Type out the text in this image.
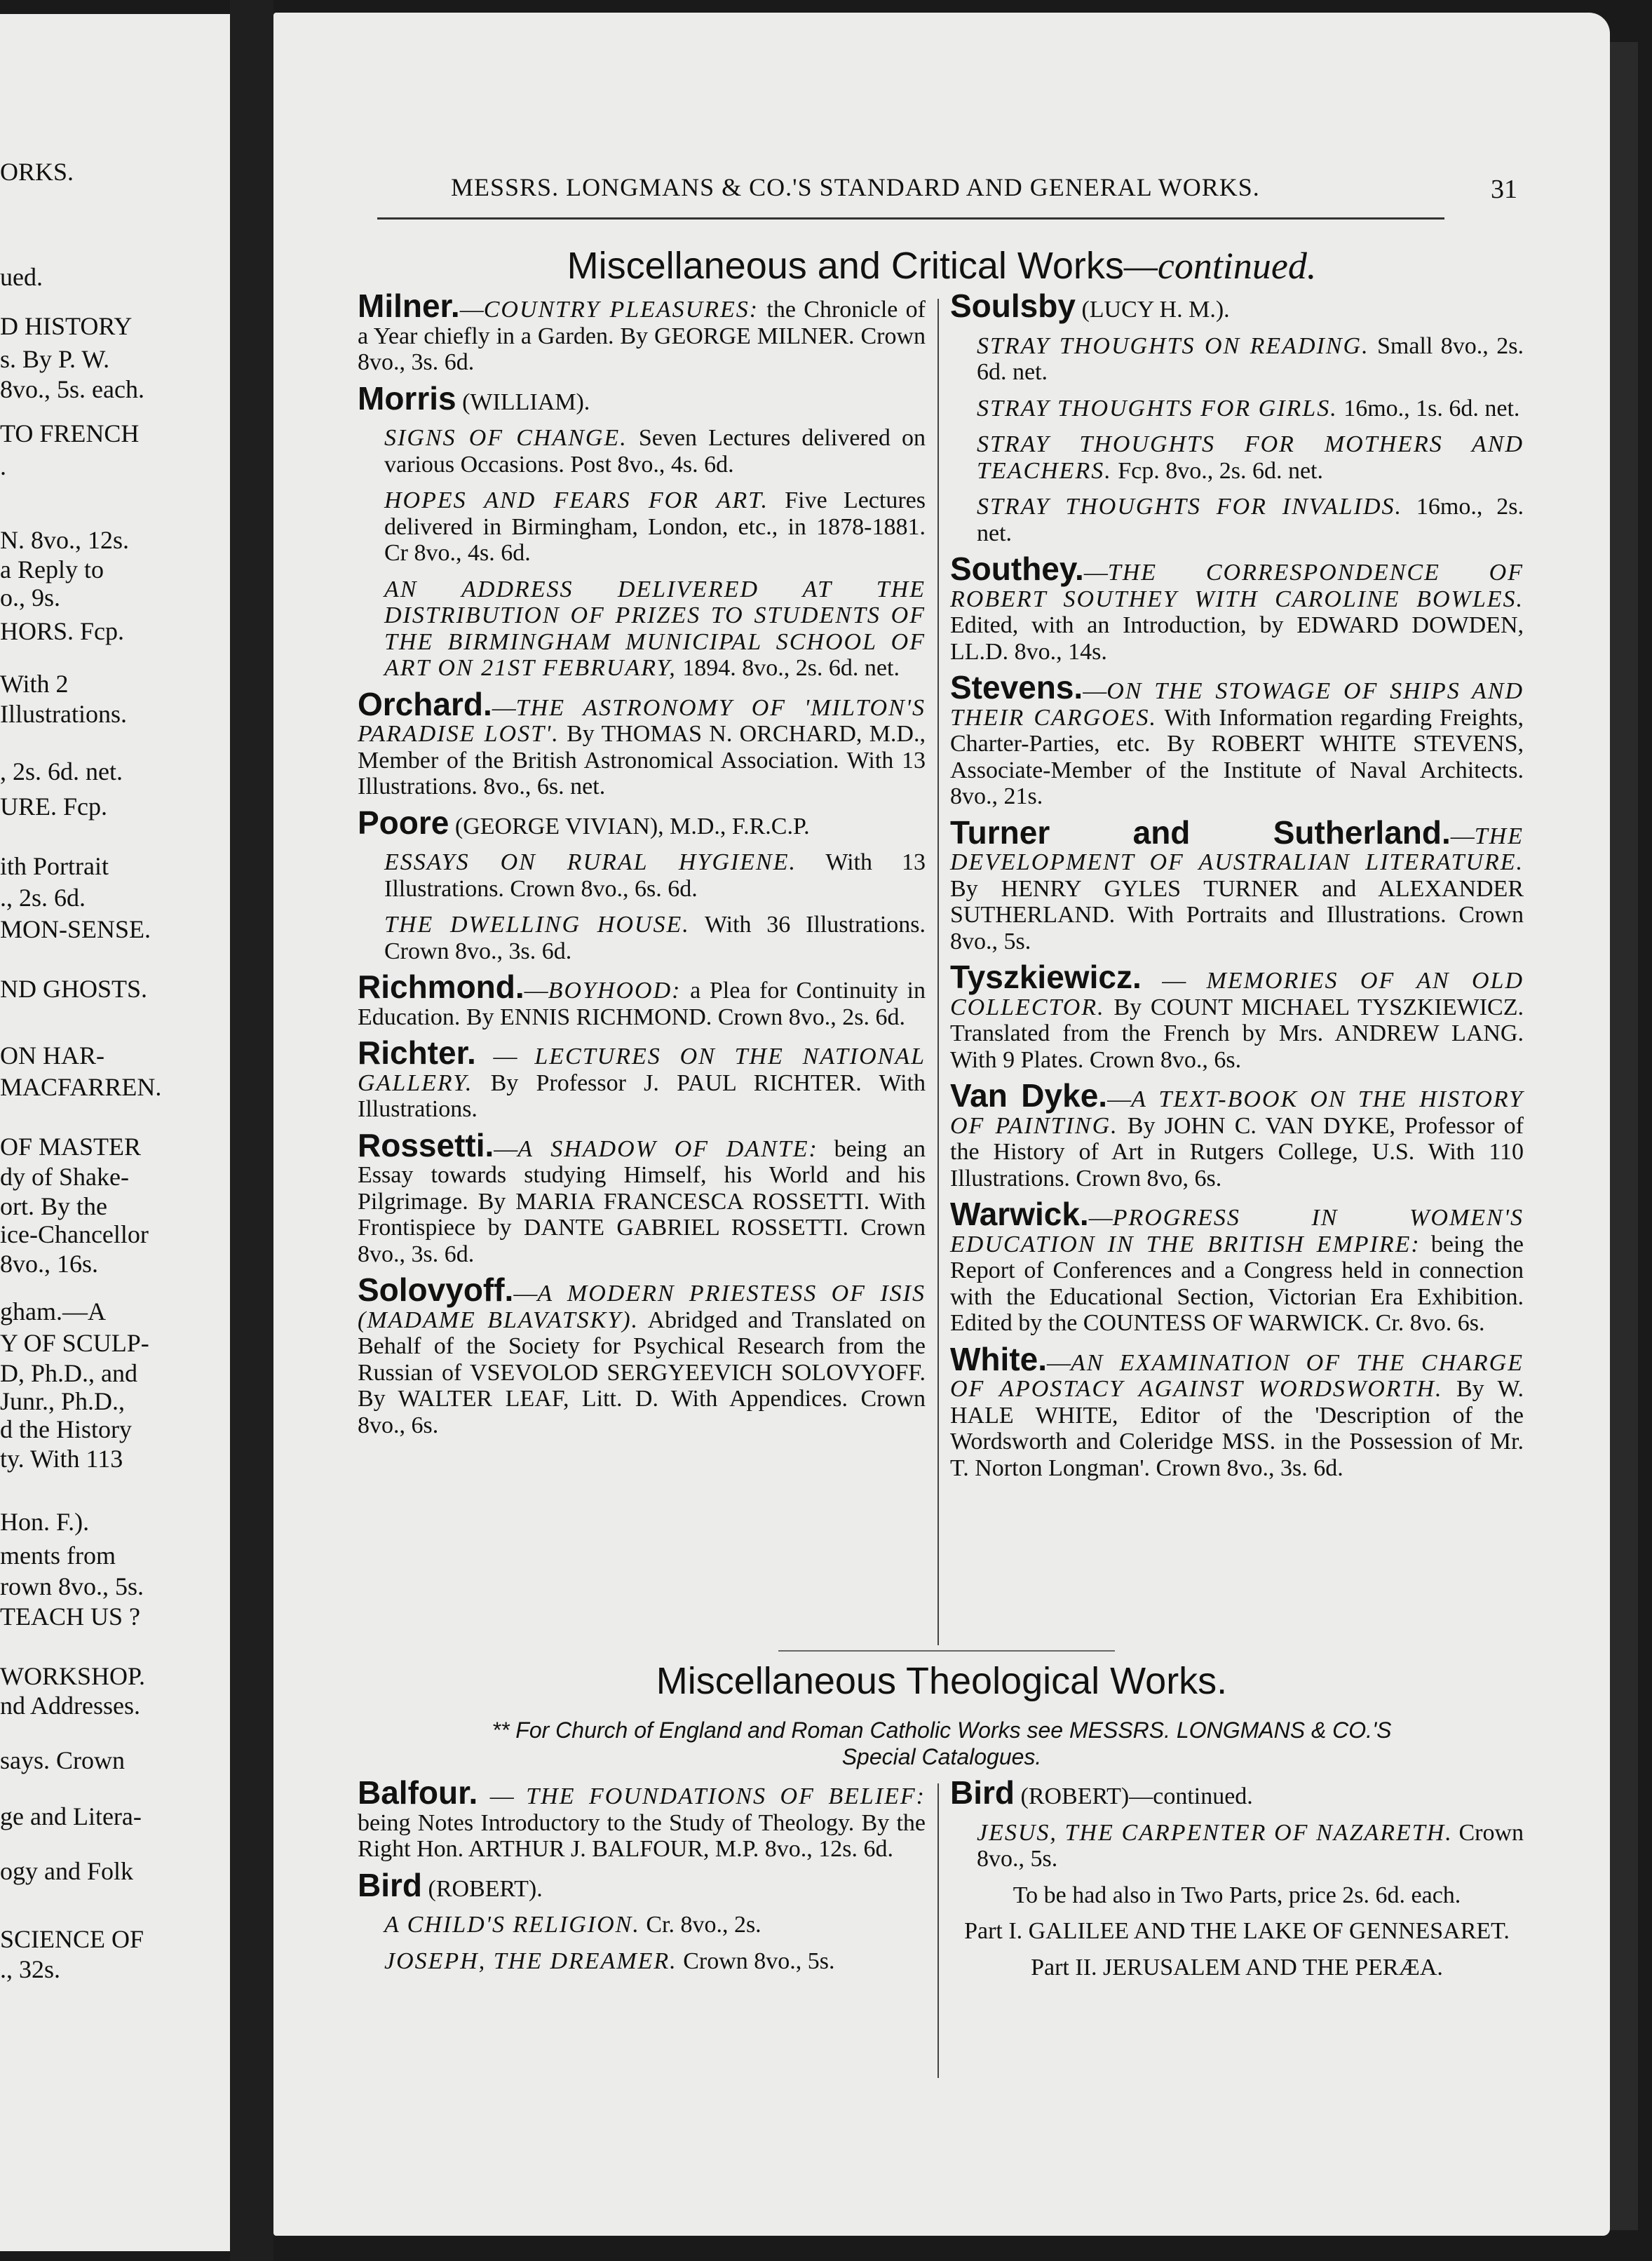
ORKS.
ued.
D HISTORY
s. By P. W.
8vo., 5s. each.
TO FRENCH
.
N. 8vo., 12s.
a Reply to
o., 9s.
HORS. Fcp.
With 2
Illustrations.
, 2s. 6d. net.
URE. Fcp.
ith Portrait
., 2s. 6d.
MON-SENSE.
ND GHOSTS.
ON HAR-
MACFARREN.
OF MASTER
dy of Shake-
ort. By the
ice-Chancellor
8vo., 16s.
gham.—A
Y OF SCULP-
D, Ph.D., and
Junr., Ph.D.,
d the History
ty. With 113
Hon. F.).
ments from
rown 8vo., 5s.
TEACH US ?
WORKSHOP.
nd Addresses.
says. Crown
ge and Litera-
ogy and Folk
SCIENCE OF
., 32s.
MESSRS. LONGMANS & CO.'S STANDARD AND GENERAL WORKS.	31
Miscellaneous and Critical Works—continued.
Milner.—COUNTRY PLEASURES: the Chronicle of a Year chiefly in a Garden. By GEORGE MILNER. Crown 8vo., 3s. 6d.
Morris (WILLIAM).
SIGNS OF CHANGE. Seven Lectures delivered on various Occasions. Post 8vo., 4s. 6d.
HOPES AND FEARS FOR ART. Five Lectures delivered in Birmingham, London, etc., in 1878-1881. Cr 8vo., 4s. 6d.
AN ADDRESS DELIVERED AT THE DISTRIBUTION OF PRIZES TO STUDENTS OF THE BIRMINGHAM MUNICIPAL SCHOOL OF ART ON 21ST FEBRUARY, 1894. 8vo., 2s. 6d. net.
Orchard.—THE ASTRONOMY OF 'MILTON'S PARADISE LOST'. By THOMAS N. ORCHARD, M.D., Member of the British Astronomical Association. With 13 Illustrations. 8vo., 6s. net.
Poore (GEORGE VIVIAN), M.D., F.R.C.P.
ESSAYS ON RURAL HYGIENE. With 13 Illustrations. Crown 8vo., 6s. 6d.
THE DWELLING HOUSE. With 36 Illustrations. Crown 8vo., 3s. 6d.
Richmond.—BOYHOOD: a Plea for Continuity in Education. By ENNIS RICHMOND. Crown 8vo., 2s. 6d.
Richter. — LECTURES ON THE NATIONAL GALLERY. By Professor J. PAUL RICHTER. With Illustrations.
Rossetti.—A SHADOW OF DANTE: being an Essay towards studying Himself, his World and his Pilgrimage. By MARIA FRANCESCA ROSSETTI. With Frontispiece by DANTE GABRIEL ROSSETTI. Crown 8vo., 3s. 6d.
Solovyoff.—A MODERN PRIESTESS OF ISIS (MADAME BLAVATSKY). Abridged and Translated on Behalf of the Society for Psychical Research from the Russian of VSEVOLOD SERGYEEVICH SOLOVYOFF. By WALTER LEAF, Litt. D. With Appendices. Crown 8vo., 6s.
Soulsby (LUCY H. M.).
STRAY THOUGHTS ON READING. Small 8vo., 2s. 6d. net.
STRAY THOUGHTS FOR GIRLS. 16mo., 1s. 6d. net.
STRAY THOUGHTS FOR MOTHERS AND TEACHERS. Fcp. 8vo., 2s. 6d. net.
STRAY THOUGHTS FOR INVALIDS. 16mo., 2s. net.
Southey.—THE CORRESPONDENCE OF ROBERT SOUTHEY WITH CAROLINE BOWLES. Edited, with an Introduction, by EDWARD DOWDEN, LL.D. 8vo., 14s.
Stevens.—ON THE STOWAGE OF SHIPS AND THEIR CARGOES. With Information regarding Freights, Charter-Parties, etc. By ROBERT WHITE STEVENS, Associate-Member of the Institute of Naval Architects. 8vo., 21s.
Turner and Sutherland.—THE DEVELOPMENT OF AUSTRALIAN LITERATURE. By HENRY GYLES TURNER and ALEXANDER SUTHERLAND. With Portraits and Illustrations. Crown 8vo., 5s.
Tyszkiewicz. — MEMORIES OF AN OLD COLLECTOR. By COUNT MICHAEL TYSZKIEWICZ. Translated from the French by Mrs. ANDREW LANG. With 9 Plates. Crown 8vo., 6s.
Van Dyke.—A TEXT-BOOK ON THE HISTORY OF PAINTING. By JOHN C. VAN DYKE, Professor of the History of Art in Rutgers College, U.S. With 110 Illustrations. Crown 8vo, 6s.
Warwick.—PROGRESS IN WOMEN'S EDUCATION IN THE BRITISH EMPIRE: being the Report of Conferences and a Congress held in connection with the Educational Section, Victorian Era Exhibition. Edited by the COUNTESS OF WARWICK. Cr. 8vo. 6s.
White.—AN EXAMINATION OF THE CHARGE OF APOSTACY AGAINST WORDSWORTH. By W. HALE WHITE, Editor of the 'Description of the Wordsworth and Coleridge MSS. in the Possession of Mr. T. Norton Longman'. Crown 8vo., 3s. 6d.
Miscellaneous Theological Works.
** For Church of England and Roman Catholic Works see MESSRS. LONGMANS & CO.'S
Special Catalogues.
Balfour. — THE FOUNDATIONS OF BELIEF: being Notes Introductory to the Study of Theology. By the Right Hon. ARTHUR J. BALFOUR, M.P. 8vo., 12s. 6d.
Bird (ROBERT).
A CHILD'S RELIGION. Cr. 8vo., 2s.
JOSEPH, THE DREAMER. Crown 8vo., 5s.
Bird (ROBERT)—continued.
JESUS, THE CARPENTER OF NAZARETH. Crown 8vo., 5s.
To be had also in Two Parts, price 2s. 6d. each.
Part I. GALILEE AND THE LAKE OF GENNESARET.
Part II. JERUSALEM AND THE PERÆA.
